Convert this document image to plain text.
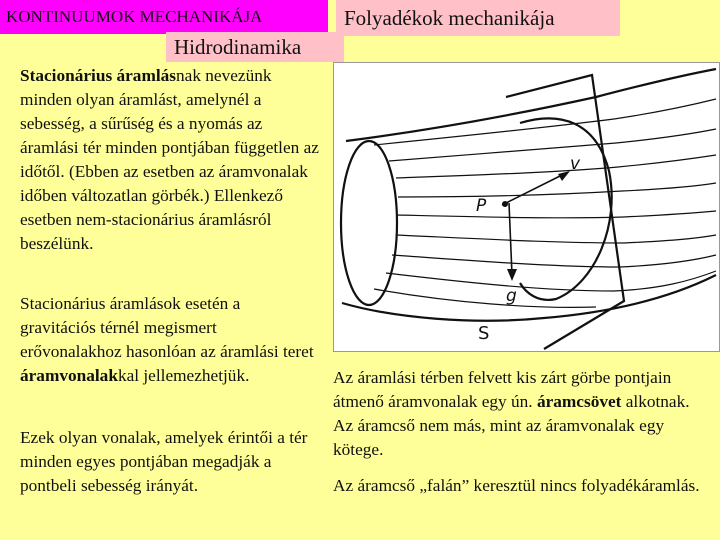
KONTINUUMOK MECHANIKÁJA	Folyadékok mechanikája
Hidrodinamika
Stacionárius áramlásnak nevezünk minden olyan áramlást, amelynél a sebesség, a sűrűség és a nyomás az áramlási tér minden pontjában független az időtől. (Ebben az esetben az áramvonalak időben változatlan görbék.) Ellenkező esetben nem-stacionárius áramlásról beszélünk.
Stacionárius áramlások esetén a gravitációs térnél megismert erővonalakhoz hasonlóan az áramlási teret áramvonalakkal jellemezhetjük.
Ezek olyan vonalak, amelyek érintői a tér minden egyes pontjában megadják a pontbeli sebesség irányát.
P
v
g
S
Az áramlási térben felvett kis zárt görbe pontjain átmenő áramvonalak egy ún. áramcsövet alkotnak. Az áramcső nem más, mint az áramvonalak egy kötege.
Az áramcső „falán” keresztül nincs folyadékáramlás.
